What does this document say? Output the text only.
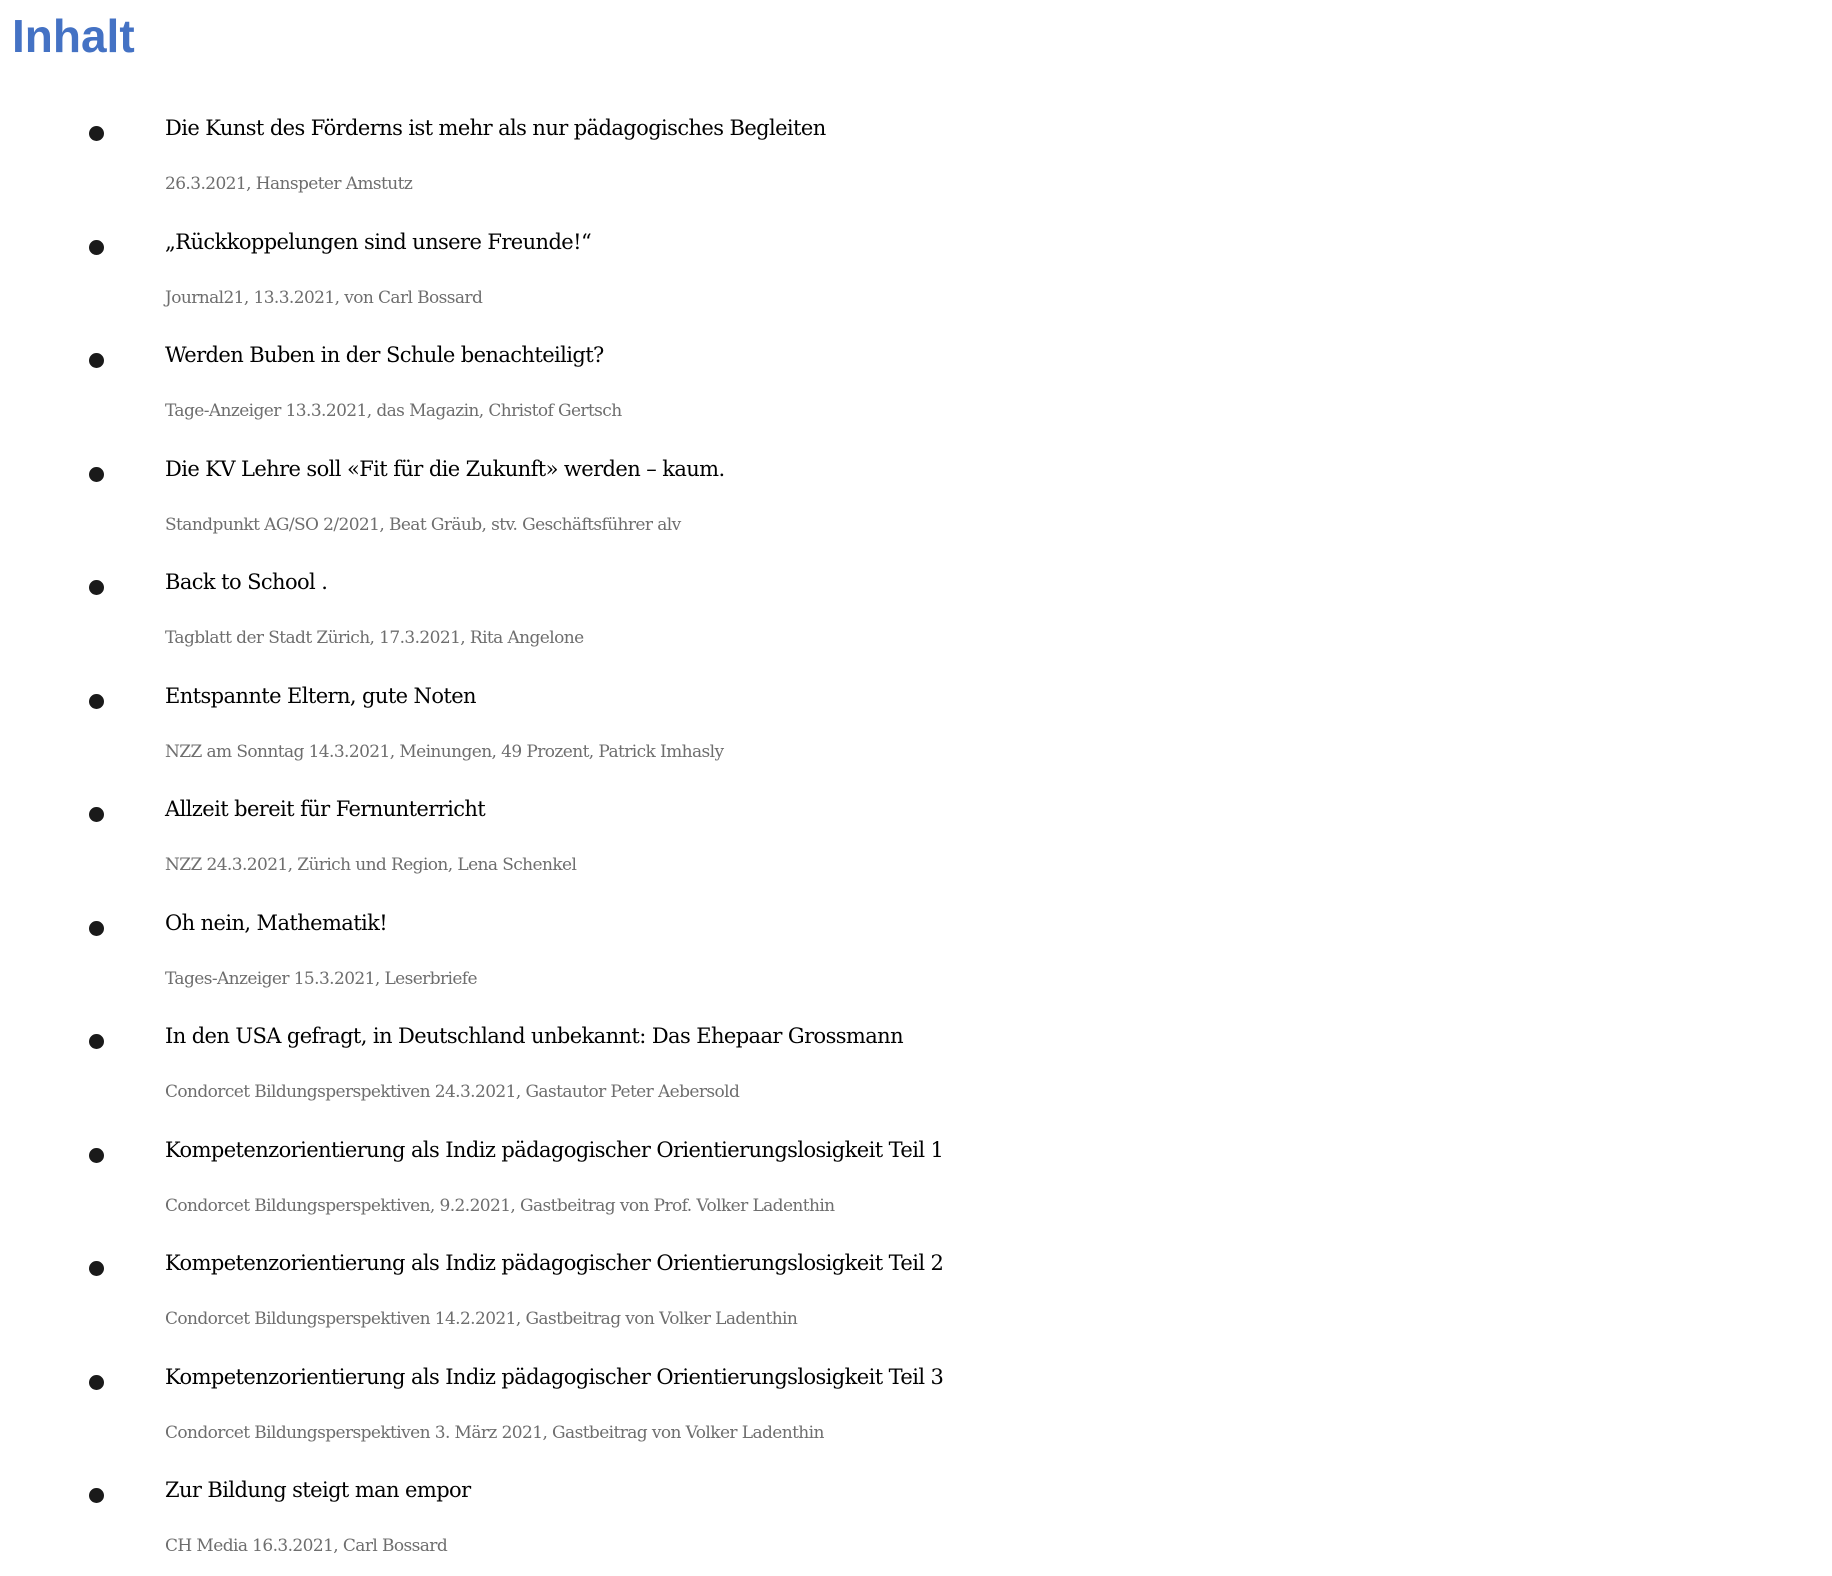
Inhalt
Die Kunst des Förderns ist mehr als nur pädagogisches Begleiten
26.3.2021, Hanspeter Amstutz
„Rückkoppelungen sind unsere Freunde!“
Journal21, 13.3.2021, von Carl Bossard
Werden Buben in der Schule benachteiligt?
Tage-Anzeiger 13.3.2021, das Magazin, Christof Gertsch
Die KV Lehre soll «Fit für die Zukunft» werden – kaum.
Standpunkt AG/SO 2/2021, Beat Gräub, stv. Geschäftsführer alv
Back to School .
Tagblatt der Stadt Zürich, 17.3.2021, Rita Angelone
Entspannte Eltern, gute Noten
NZZ am Sonntag 14.3.2021, Meinungen, 49 Prozent, Patrick Imhasly
Allzeit bereit für Fernunterricht
NZZ 24.3.2021, Zürich und Region, Lena Schenkel
Oh nein, Mathematik!
Tages-Anzeiger 15.3.2021, Leserbriefe
In den USA gefragt, in Deutschland unbekannt: Das Ehepaar Grossmann
Condorcet Bildungsperspektiven 24.3.2021, Gastautor Peter Aebersold
Kompetenzorientierung als Indiz pädagogischer Orientierungslosigkeit Teil 1
Condorcet Bildungsperspektiven, 9.2.2021, Gastbeitrag von Prof. Volker Ladenthin
Kompetenzorientierung als Indiz pädagogischer Orientierungslosigkeit Teil 2
Condorcet Bildungsperspektiven 14.2.2021, Gastbeitrag von Volker Ladenthin
Kompetenzorientierung als Indiz pädagogischer Orientierungslosigkeit Teil 3
Condorcet Bildungsperspektiven 3. März 2021, Gastbeitrag von Volker Ladenthin
Zur Bildung steigt man empor
CH Media 16.3.2021, Carl Bossard
